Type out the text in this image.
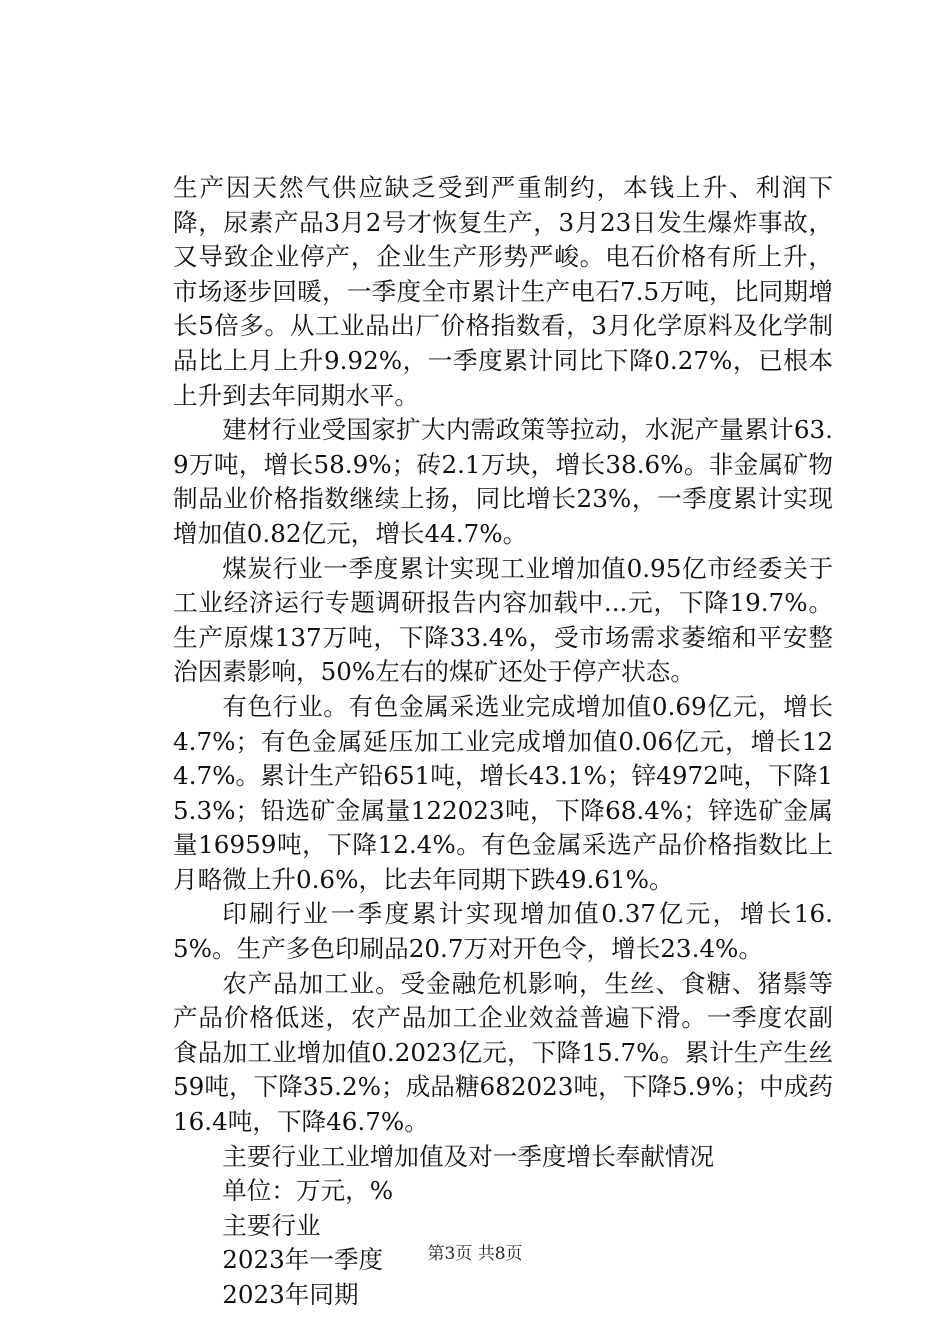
生产因天然气供应缺乏受到严重制约，本钱上升、利润下降，尿素产品3月2号才恢复生产，3月23日发生爆炸事故，又导致企业停产，企业生产形势严峻。电石价格有所上升，市场逐步回暖，一季度全市累计生产电石7.5万吨，比同期增长5倍多。从工业品出厂价格指数看，3月化学原料及化学制品比上月上升9.92%，一季度累计同比下降0.27%，已根本上升到去年同期水平。

建材行业受国家扩大内需政策等拉动，水泥产量累计63.9万吨，增长58.9%；砖2.1万块，增长38.6%。非金属矿物制品业价格指数继续上扬，同比增长23%，一季度累计实现增加值0.82亿元，增长44.7%。

煤炭行业一季度累计实现工业增加值0.95亿市经委关于工业经济运行专题调研报告内容加载中...元，下降19.7%。生产原煤137万吨，下降33.4%，受市场需求萎缩和平安整治因素影响，50%左右的煤矿还处于停产状态。

有色行业。有色金属采选业完成增加值0.69亿元，增长4.7%；有色金属延压加工业完成增加值0.06亿元，增长124.7%。累计生产铅651吨，增长43.1%；锌4972吨，下降15.3%；铅选矿金属量122023吨，下降68.4%；锌选矿金属量16959吨，下降12.4%。有色金属采选产品价格指数比上月略微上升0.6%，比去年同期下跌49.61%。

印刷行业一季度累计实现增加值0.37亿元，增长16.5%。生产多色印刷品20.7万对开色令，增长23.4%。

农产品加工业。受金融危机影响，生丝、食糖、猪鬃等产品价格低迷，农产品加工企业效益普遍下滑。一季度农副食品加工业增加值0.2023亿元，下降15.7%。累计生产生丝59吨，下降35.2%；成品糖682023吨，下降5.9%；中成药16.4吨，下降46.7%。

主要行业工业增加值及对一季度增长奉献情况

单位：万元，%

主要行业

2023年一季度

2023年同期

第3页 共8页
